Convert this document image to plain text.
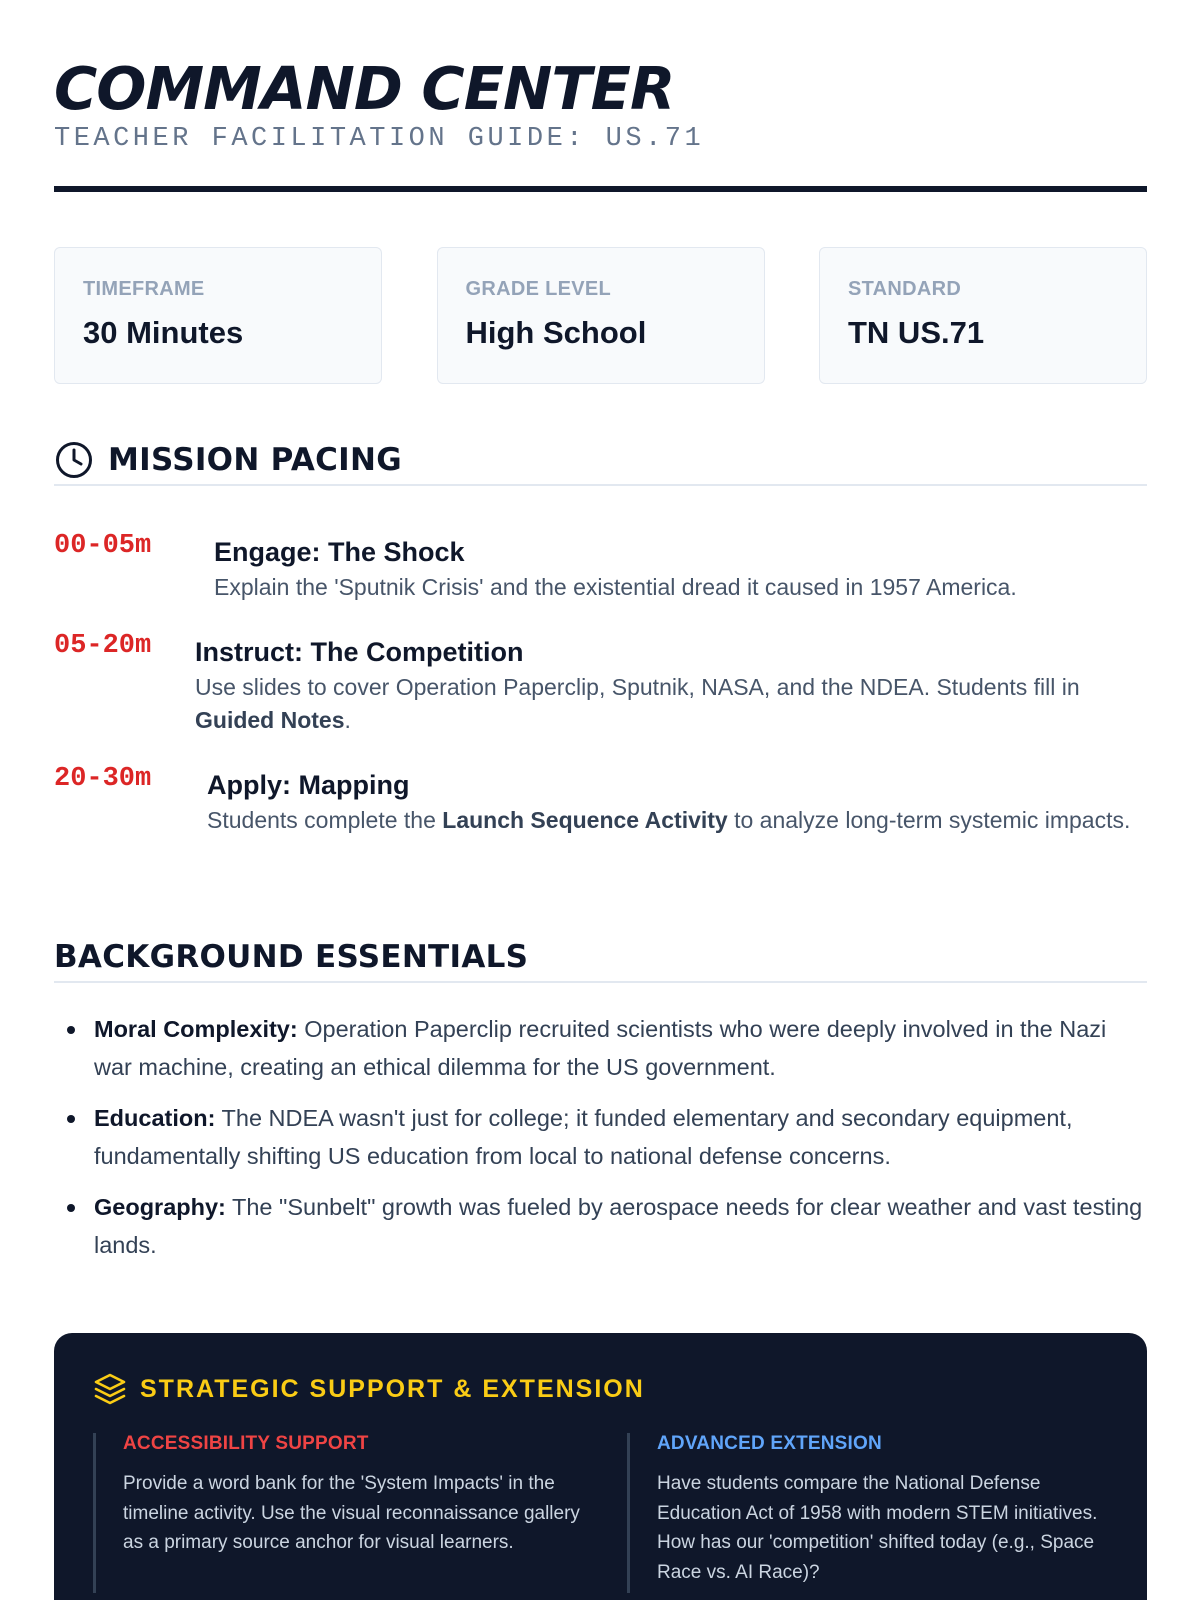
COMMAND CENTER
TEACHER FACILITATION GUIDE: US.71
TIMEFRAME
30 Minutes
GRADE LEVEL
High School
STANDARD
TN US.71
MISSION PACING
00-05m Engage: The Shock
Explain the 'Sputnik Crisis' and the existential dread it caused in 1957 America.
05-20m Instruct: The Competition
Use slides to cover Operation Paperclip, Sputnik, NASA, and the NDEA. Students fill in Guided Notes.
20-30m Apply: Mapping
Students complete the Launch Sequence Activity to analyze long-term systemic impacts.
BACKGROUND ESSENTIALS
Moral Complexity: Operation Paperclip recruited scientists who were deeply involved in the Nazi war machine, creating an ethical dilemma for the US government.
Education: The NDEA wasn't just for college; it funded elementary and secondary equipment, fundamentally shifting US education from local to national defense concerns.
Geography: The "Sunbelt" growth was fueled by aerospace needs for clear weather and vast testing lands.
STRATEGIC SUPPORT & EXTENSION
ACCESSIBILITY SUPPORT
Provide a word bank for the 'System Impacts' in the timeline activity. Use the visual reconnaissance gallery as a primary source anchor for visual learners.
ADVANCED EXTENSION
Have students compare the National Defense Education Act of 1958 with modern STEM initiatives. How has our 'competition' shifted today (e.g., Space Race vs. AI Race)?
